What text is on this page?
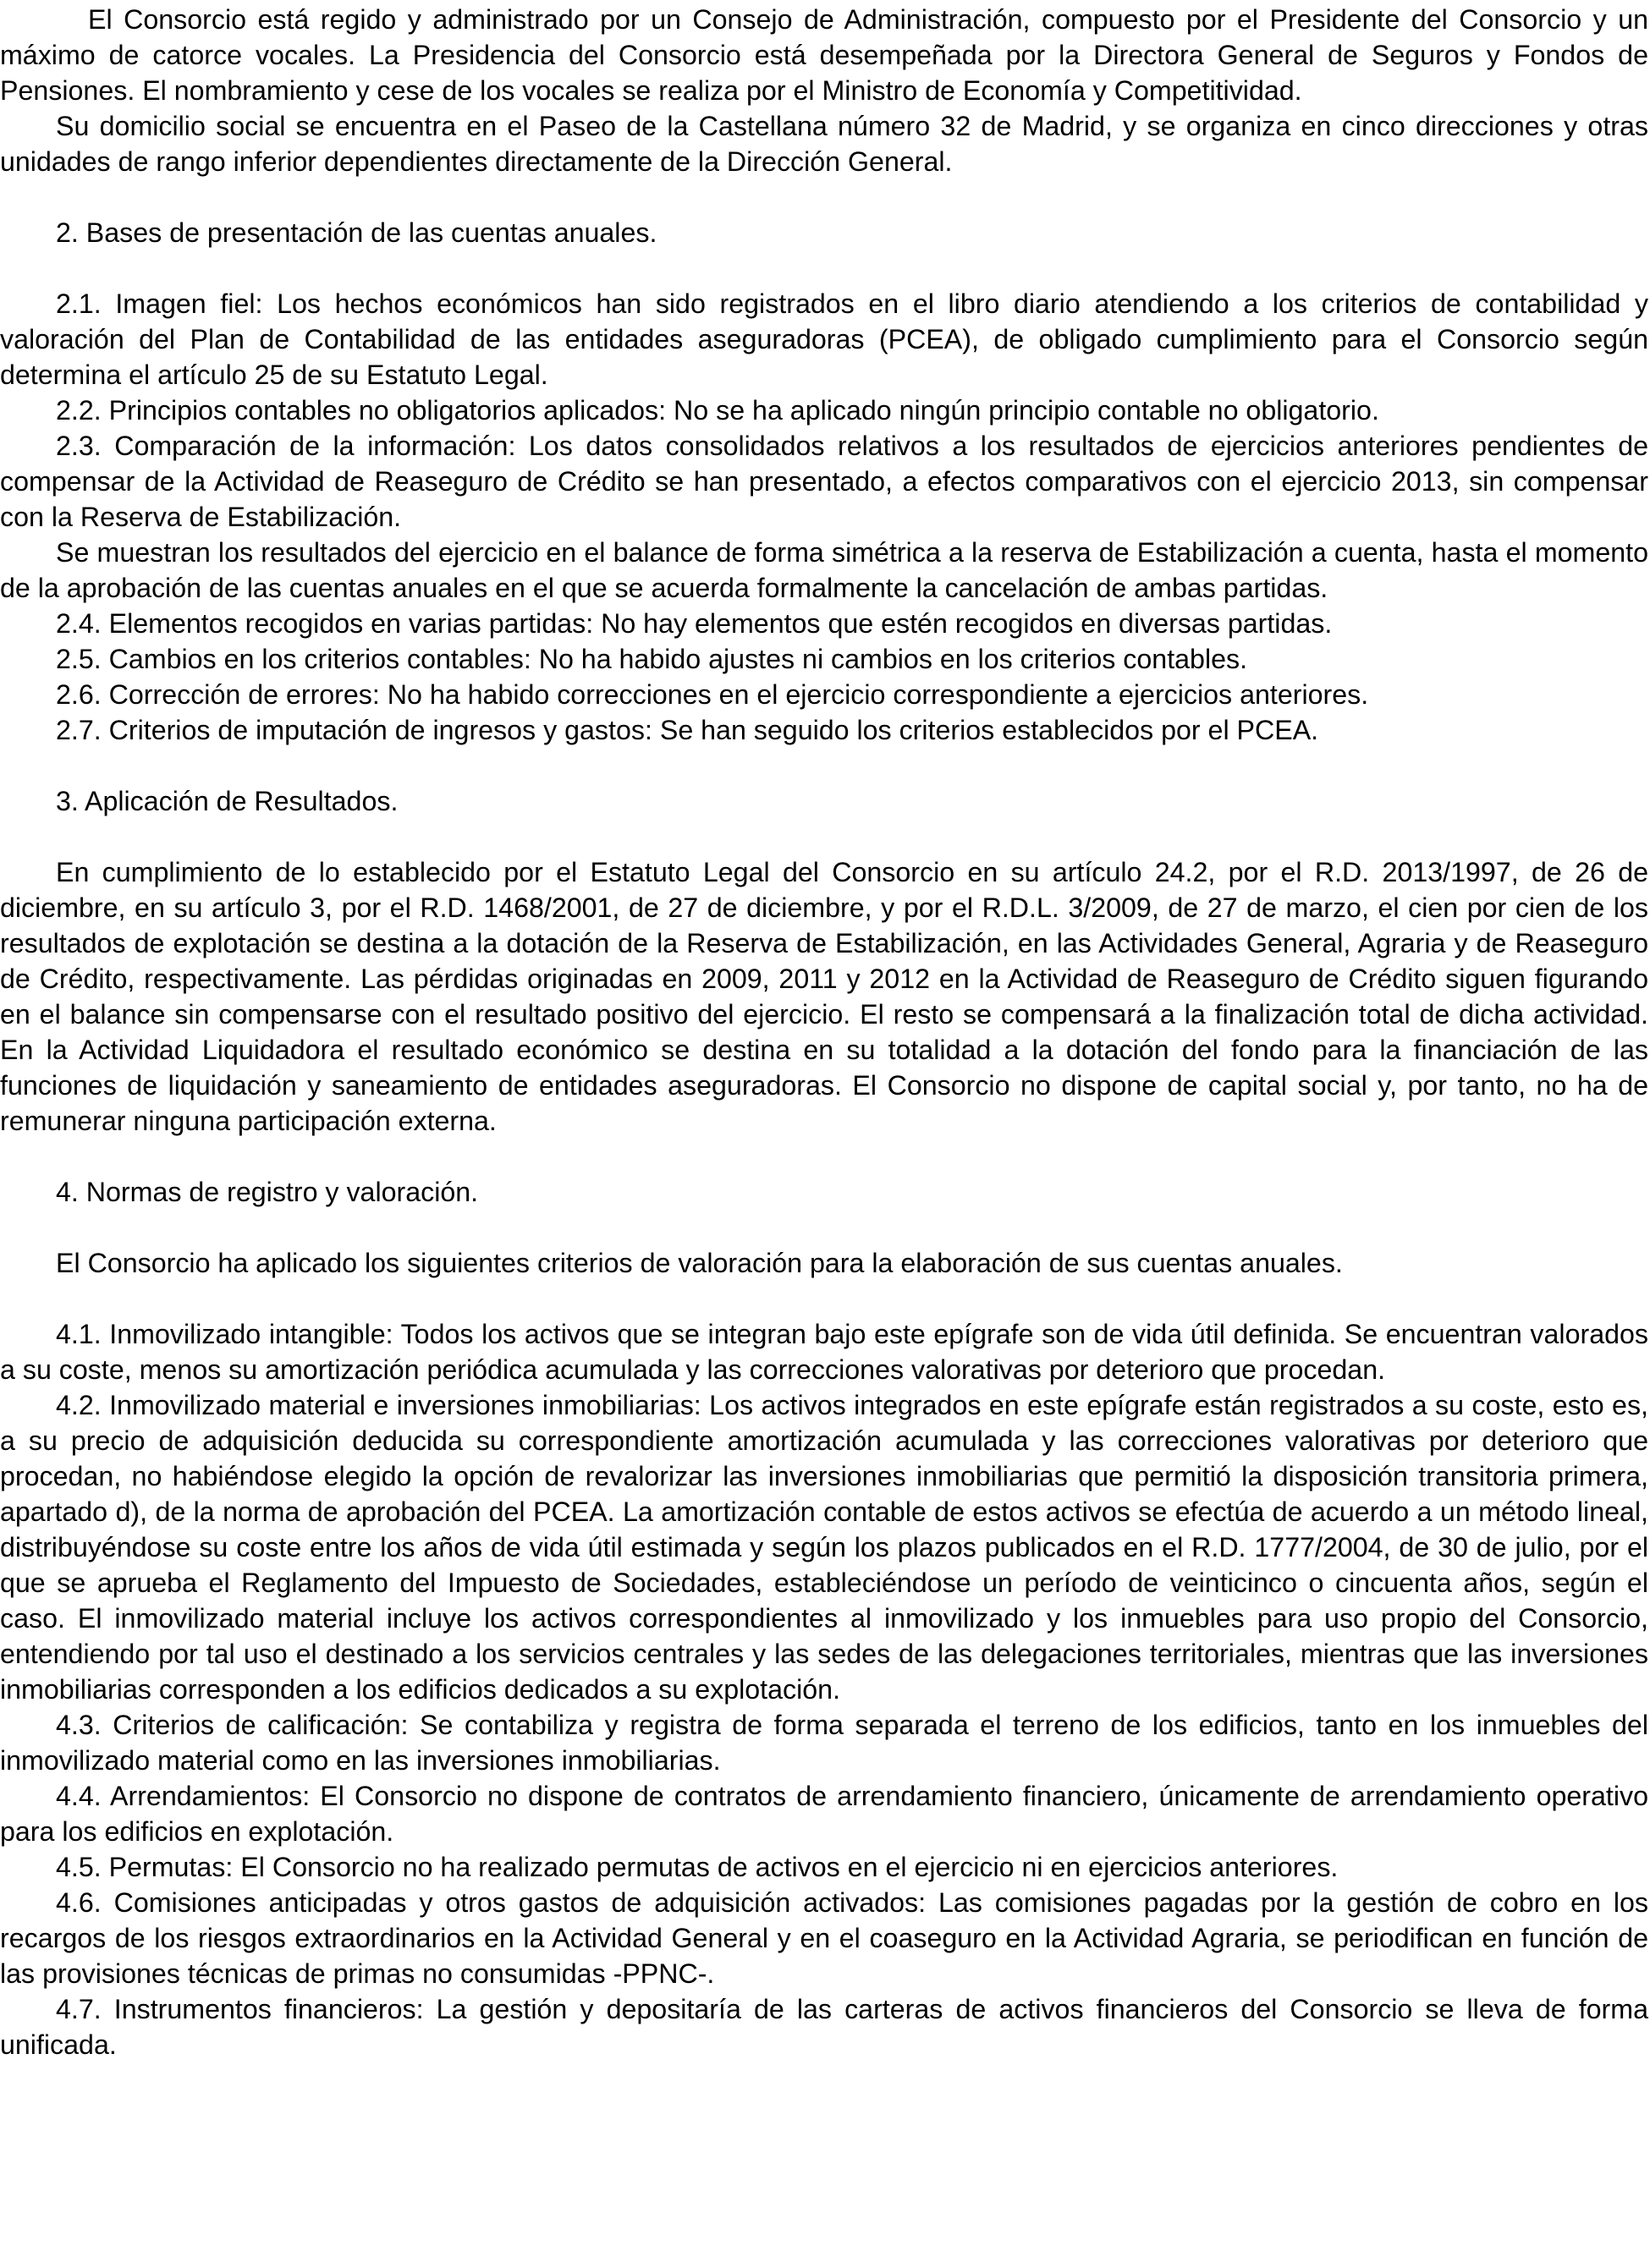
El Consorcio está regido y administrado por un Consejo de Administración, compuesto por el Presidente del Consorcio y un máximo de catorce vocales. La Presidencia del Consorcio está desempeñada por la Directora General de Seguros y Fondos de Pensiones. El nombramiento y cese de los vocales se realiza por el Ministro de Economía y Competitividad.

Su domicilio social se encuentra en el Paseo de la Castellana número 32 de Madrid, y se organiza en cinco direcciones y otras unidades de rango inferior dependientes directamente de la Dirección General.

2. Bases de presentación de las cuentas anuales.

2.1. Imagen fiel: Los hechos económicos han sido registrados en el libro diario atendiendo a los criterios de contabilidad y valoración del Plan de Contabilidad de las entidades aseguradoras (PCEA), de obligado cumplimiento para el Consorcio según determina el artículo 25 de su Estatuto Legal.

2.2. Principios contables no obligatorios aplicados: No se ha aplicado ningún principio contable no obligatorio.

2.3. Comparación de la información: Los datos consolidados relativos a los resultados de ejercicios anteriores pendientes de compensar de la Actividad de Reaseguro de Crédito se han presentado, a efectos comparativos con el ejercicio 2013, sin compensar con la Reserva de Estabilización.

Se muestran los resultados del ejercicio en el balance de forma simétrica a la reserva de Estabilización a cuenta, hasta el momento de la aprobación de las cuentas anuales en el que se acuerda formalmente la cancelación de ambas partidas.

2.4. Elementos recogidos en varias partidas: No hay elementos que estén recogidos en diversas partidas.

2.5. Cambios en los criterios contables: No ha habido ajustes ni cambios en los criterios contables.

2.6. Corrección de errores: No ha habido correcciones en el ejercicio correspondiente a ejercicios anteriores.

2.7. Criterios de imputación de ingresos y gastos: Se han seguido los criterios establecidos por el PCEA.

3. Aplicación de Resultados.

En cumplimiento de lo establecido por el Estatuto Legal del Consorcio en su artículo 24.2, por el R.D. 2013/1997, de 26 de diciembre, en su artículo 3, por el R.D. 1468/2001, de 27 de diciembre, y por el R.D.L. 3/2009, de 27 de marzo, el cien por cien de los resultados de explotación se destina a la dotación de la Reserva de Estabilización, en las Actividades General, Agraria y de Reaseguro de Crédito, respectivamente. Las pérdidas originadas en 2009, 2011 y 2012 en la Actividad de Reaseguro de Crédito siguen figurando en el balance sin compensarse con el resultado positivo del ejercicio. El resto se compensará a la finalización total de dicha actividad. En la Actividad Liquidadora el resultado económico se destina en su totalidad a la dotación del fondo para la financiación de las funciones de liquidación y saneamiento de entidades aseguradoras. El Consorcio no dispone de capital social y, por tanto, no ha de remunerar ninguna participación externa.

4. Normas de registro y valoración.

El Consorcio ha aplicado los siguientes criterios de valoración para la elaboración de sus cuentas anuales.

4.1. Inmovilizado intangible: Todos los activos que se integran bajo este epígrafe son de vida útil definida. Se encuentran valorados a su coste, menos su amortización periódica acumulada y las correcciones valorativas por deterioro que procedan.

4.2. Inmovilizado material e inversiones inmobiliarias: Los activos integrados en este epígrafe están registrados a su coste, esto es, a su precio de adquisición deducida su correspondiente amortización acumulada y las correcciones valorativas por deterioro que procedan, no habiéndose elegido la opción de revalorizar las inversiones inmobiliarias que permitió la disposición transitoria primera, apartado d), de la norma de aprobación del PCEA. La amortización contable de estos activos se efectúa de acuerdo a un método lineal, distribuyéndose su coste entre los años de vida útil estimada y según los plazos publicados en el R.D. 1777/2004, de 30 de julio, por el que se aprueba el Reglamento del Impuesto de Sociedades, estableciéndose un período de veinticinco o cincuenta años, según el caso. El inmovilizado material incluye los activos correspondientes al inmovilizado y los inmuebles para uso propio del Consorcio, entendiendo por tal uso el destinado a los servicios centrales y las sedes de las delegaciones territoriales, mientras que las inversiones inmobiliarias corresponden a los edificios dedicados a su explotación.

4.3. Criterios de calificación: Se contabiliza y registra de forma separada el terreno de los edificios, tanto en los inmuebles del inmovilizado material como en las inversiones inmobiliarias.

4.4. Arrendamientos: El Consorcio no dispone de contratos de arrendamiento financiero, únicamente de arrendamiento operativo para los edificios en explotación.

4.5. Permutas: El Consorcio no ha realizado permutas de activos en el ejercicio ni en ejercicios anteriores.

4.6. Comisiones anticipadas y otros gastos de adquisición activados: Las comisiones pagadas por la gestión de cobro en los recargos de los riesgos extraordinarios en la Actividad General y en el coaseguro en la Actividad Agraria, se periodifican en función de las provisiones técnicas de primas no consumidas -PPNC-.

4.7. Instrumentos financieros: La gestión y depositaría de las carteras de activos financieros del Consorcio se lleva de forma unificada.
